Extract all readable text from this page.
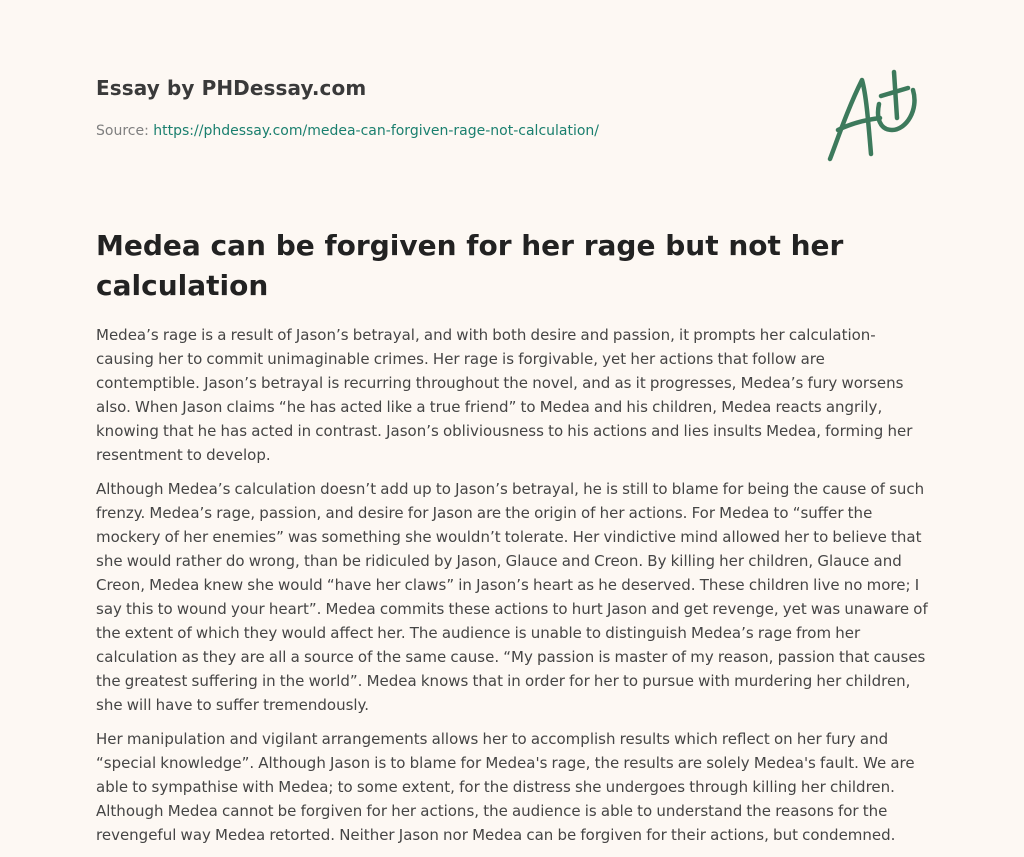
Essay by PHDessay.com
Source: https://phdessay.com/medea-can-forgiven-rage-not-calculation/
Medea can be forgiven for her rage but not her calculation

Medea’s rage is a result of Jason’s betrayal, and with both desire and passion, it prompts her calculation- causing her to commit unimaginable crimes. Her rage is forgivable, yet her actions that follow are contemptible. Jason’s betrayal is recurring throughout the novel, and as it progresses, Medea’s fury worsens also. When Jason claims “he has acted like a true friend” to Medea and his children, Medea reacts angrily, knowing that he has acted in contrast. Jason’s obliviousness to his actions and lies insults Medea, forming her resentment to develop.

Although Medea’s calculation doesn’t add up to Jason’s betrayal, he is still to blame for being the cause of such frenzy. Medea’s rage, passion, and desire for Jason are the origin of her actions. For Medea to “suffer the mockery of her enemies” was something she wouldn’t tolerate. Her vindictive mind allowed her to believe that she would rather do wrong, than be ridiculed by Jason, Glauce and Creon. By killing her children, Glauce and Creon, Medea knew she would “have her claws” in Jason’s heart as he deserved. These children live no more; I say this to wound your heart”. Medea commits these actions to hurt Jason and get revenge, yet was unaware of the extent of which they would affect her. The audience is unable to distinguish Medea’s rage from her calculation as they are all a source of the same cause. “My passion is master of my reason, passion that causes the greatest suffering in the world”. Medea knows that in order for her to pursue with murdering her children, she will have to suffer tremendously.

Her manipulation and vigilant arrangements allows her to accomplish results which reflect on her fury and “special knowledge”. Although Jason is to blame for Medea's rage, the results are solely Medea's fault. We are able to sympathise with Medea; to some extent, for the distress she undergoes through killing her children. Although Medea cannot be forgiven for her actions, the audience is able to understand the reasons for the revengeful way Medea retorted. Neither Jason nor Medea can be forgiven for their actions, but condemned.
